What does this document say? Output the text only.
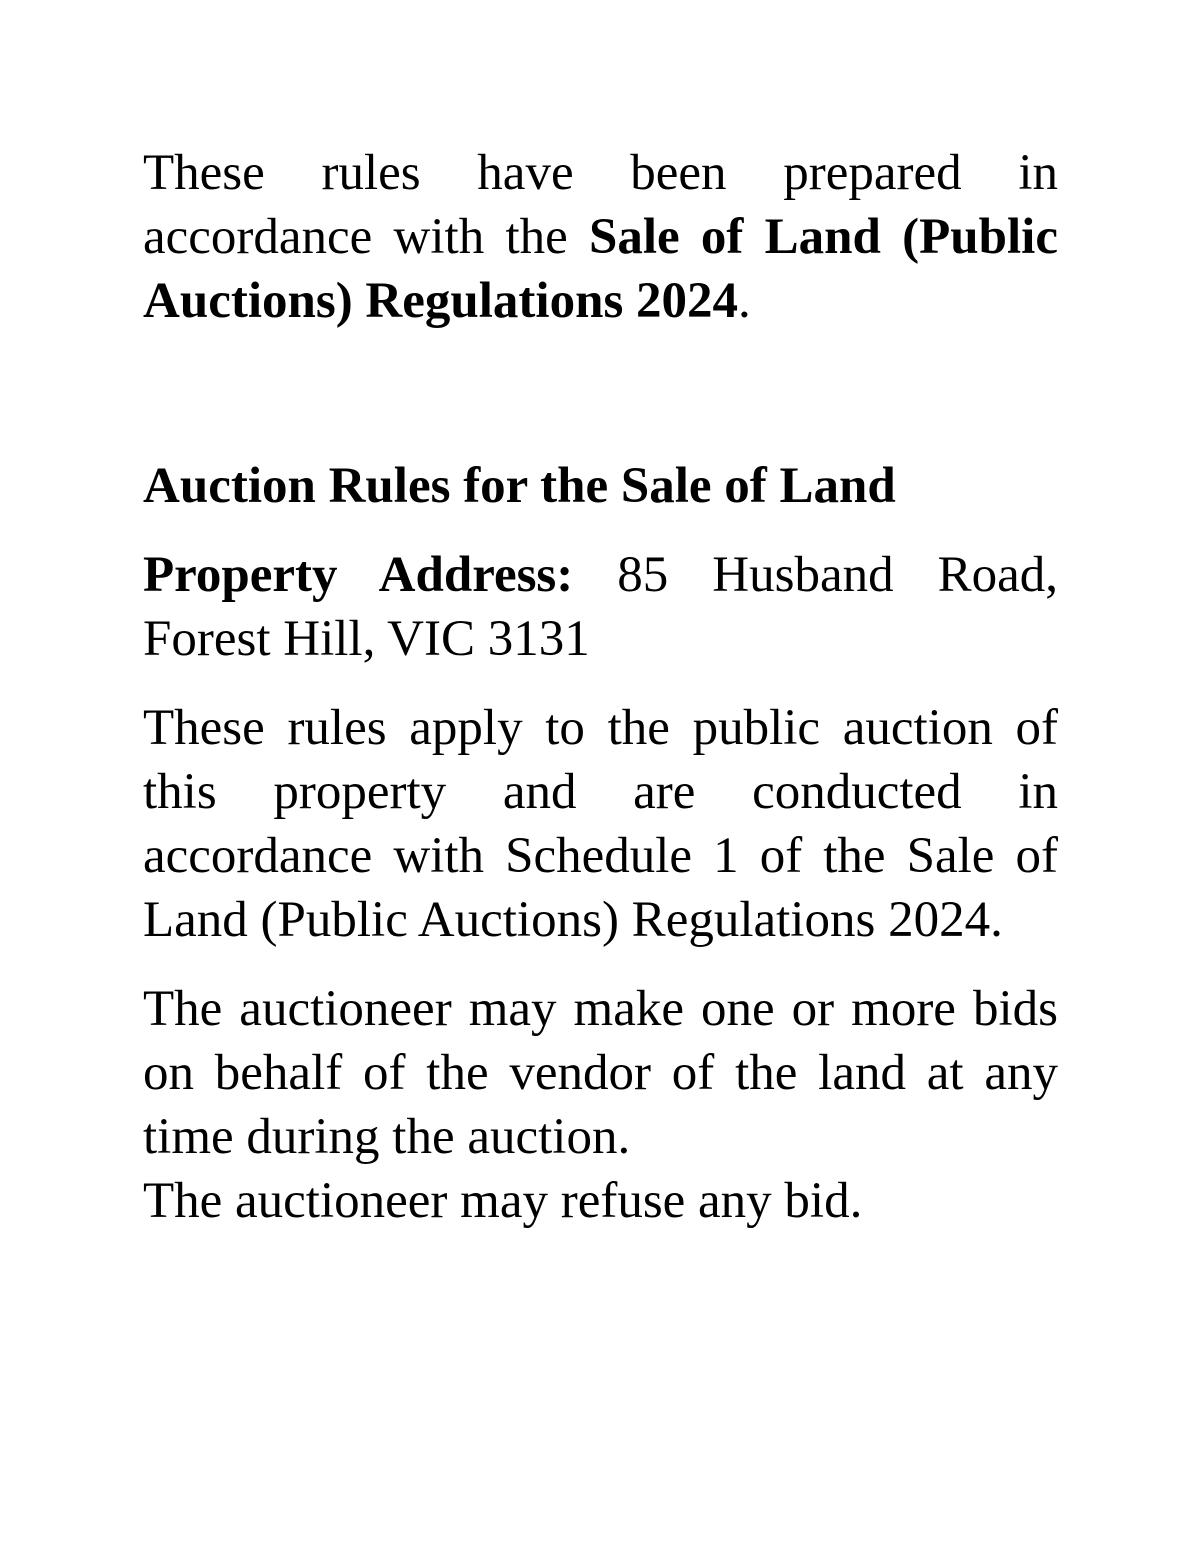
These rules have been prepared in accordance with the Sale of Land (Public Auctions) Regulations 2024.

Auction Rules for the Sale of Land

Property Address: 85 Husband Road, Forest Hill, VIC 3131

These rules apply to the public auction of this property and are conducted in accordance with Schedule 1 of the Sale of Land (Public Auctions) Regulations 2024.

The auctioneer may make one or more bids on behalf of the vendor of the land at any time during the auction.

The auctioneer may refuse any bid.
